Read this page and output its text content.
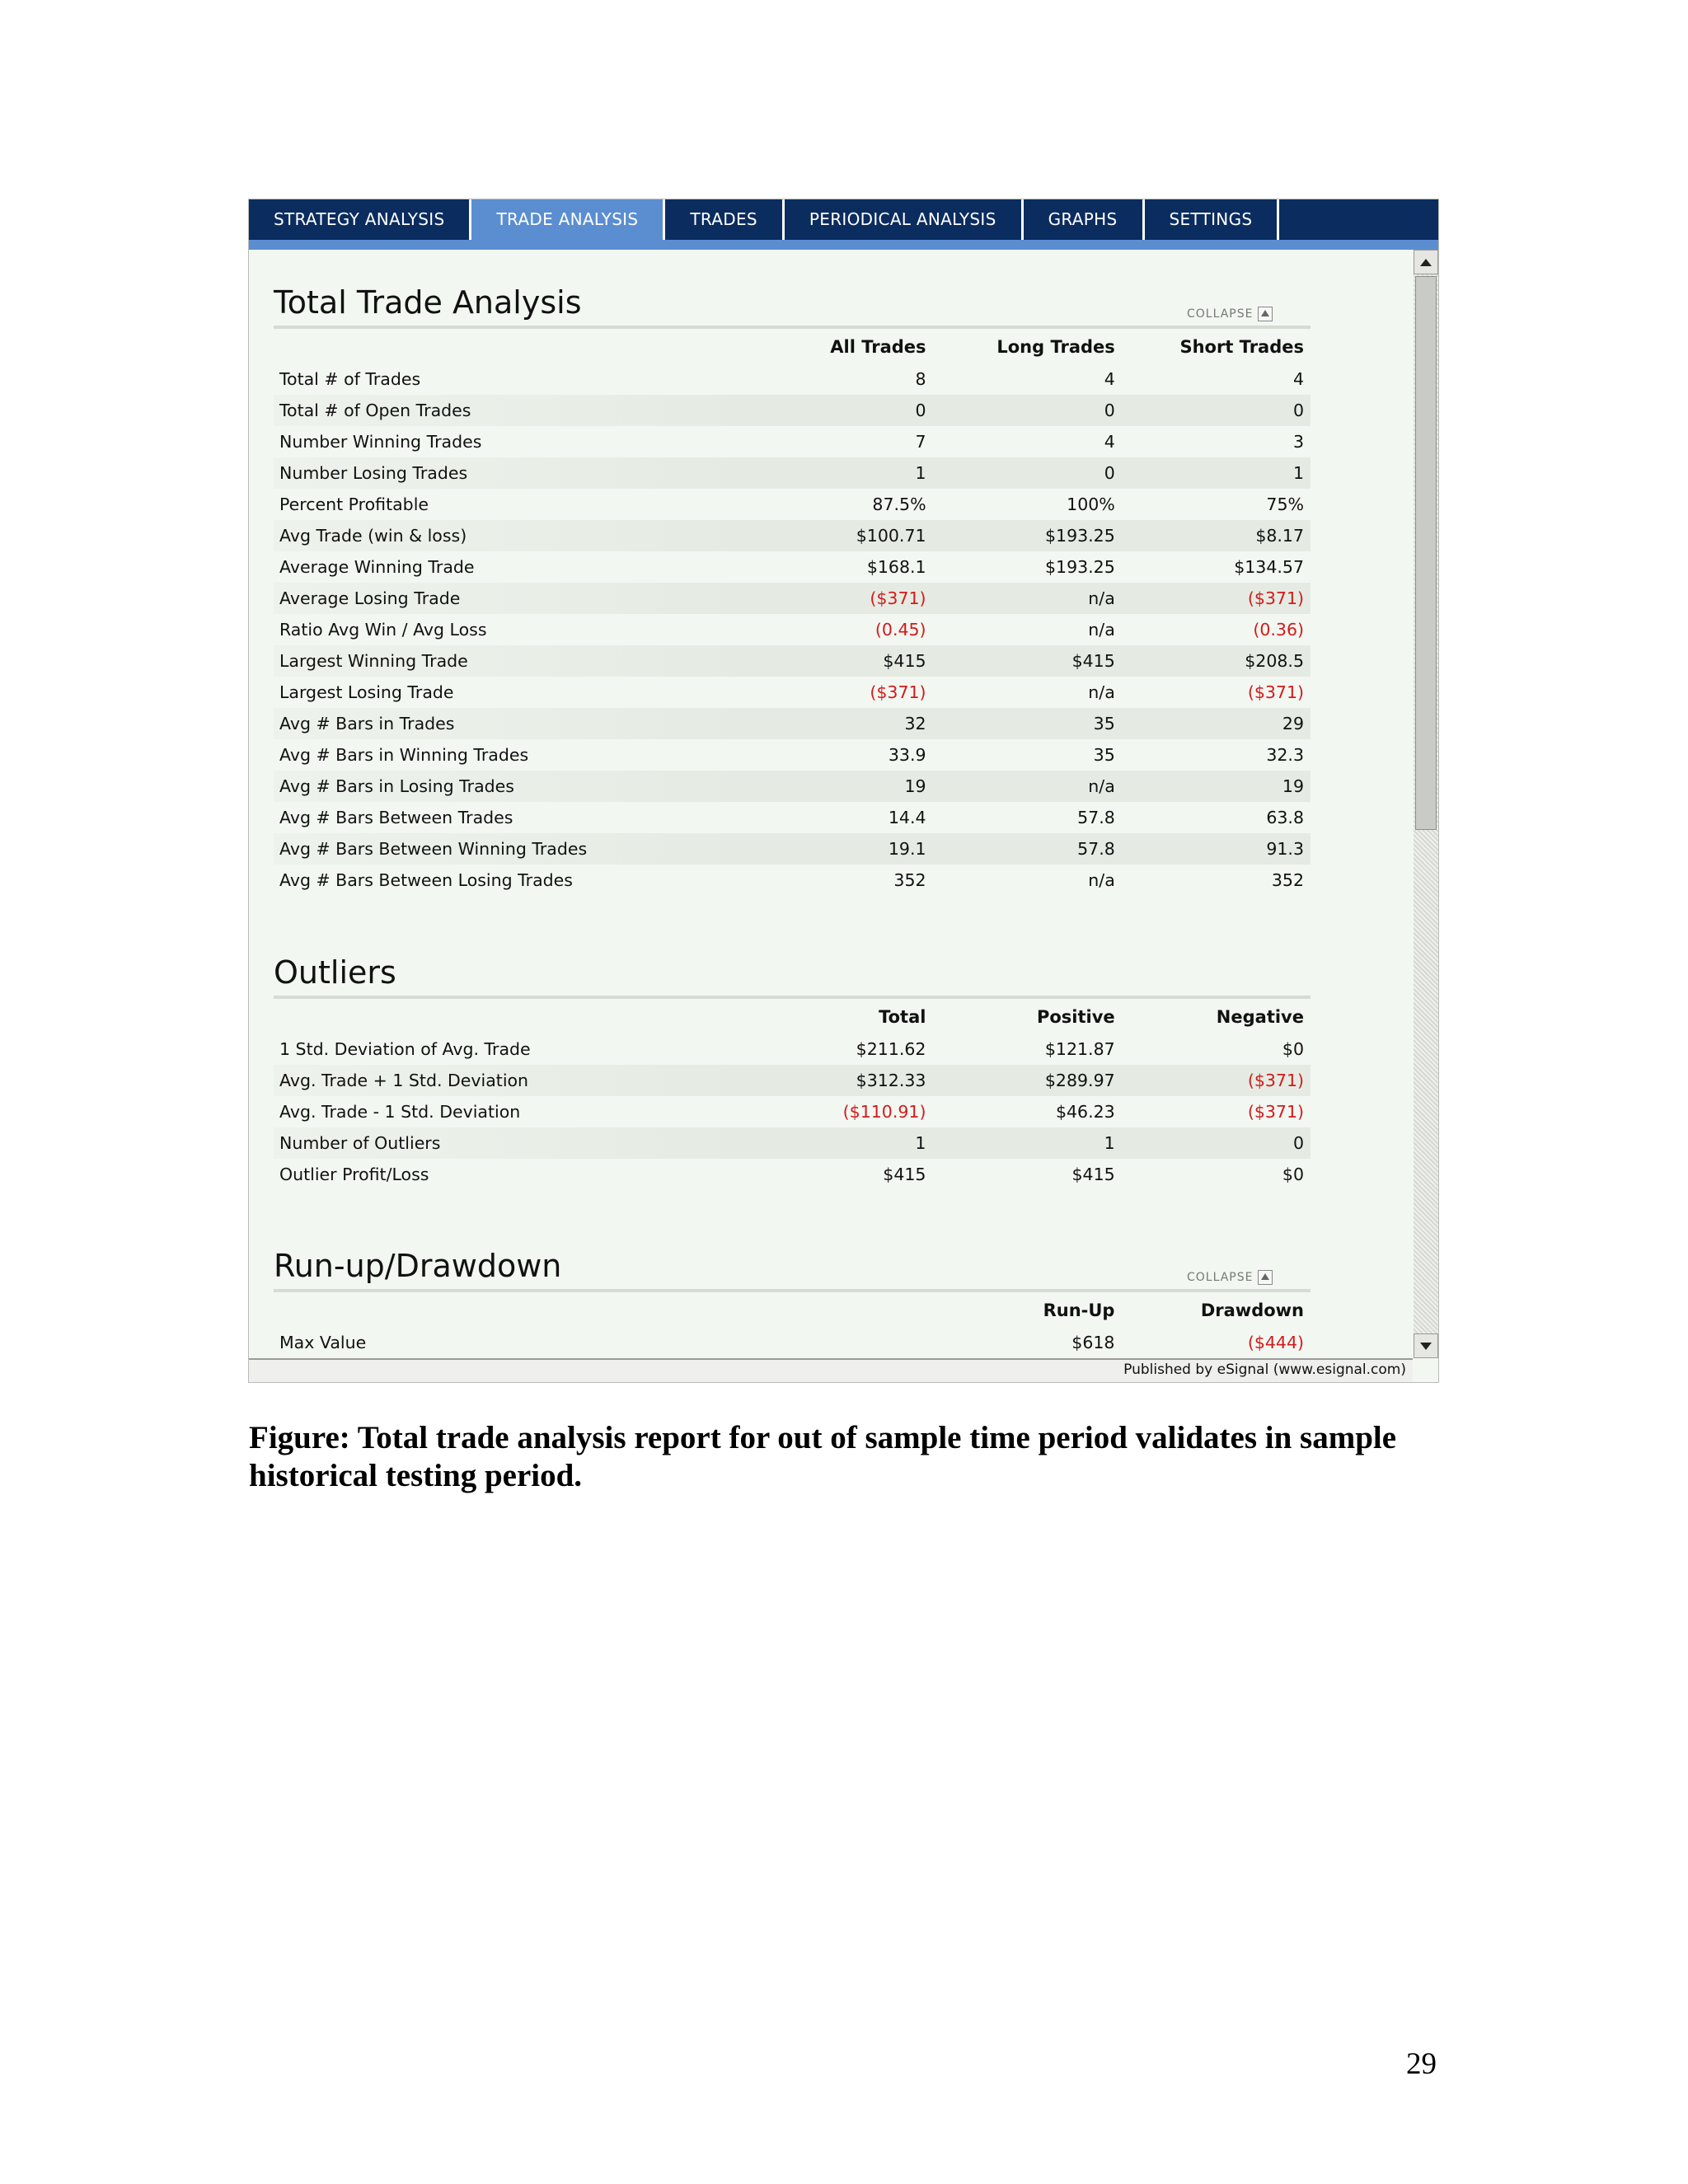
STRATEGY ANALYSIS	TRADE ANALYSIS	TRADES	PERIODICAL ANALYSIS	GRAPHS	SETTINGS
Total Trade Analysis	COLLAPSE
	All Trades	Long Trades	Short Trades
Total # of Trades	8	4	4
Total # of Open Trades	0	0	0
Number Winning Trades	7	4	3
Number Losing Trades	1	0	1
Percent Profitable	87.5%	100%	75%
Avg Trade (win & loss)	$100.71	$193.25	$8.17
Average Winning Trade	$168.1	$193.25	$134.57
Average Losing Trade	($371)	n/a	($371)
Ratio Avg Win / Avg Loss	(0.45)	n/a	(0.36)
Largest Winning Trade	$415	$415	$208.5
Largest Losing Trade	($371)	n/a	($371)
Avg # Bars in Trades	32	35	29
Avg # Bars in Winning Trades	33.9	35	32.3
Avg # Bars in Losing Trades	19	n/a	19
Avg # Bars Between Trades	14.4	57.8	63.8
Avg # Bars Between Winning Trades	19.1	57.8	91.3
Avg # Bars Between Losing Trades	352	n/a	352
Outliers
	Total	Positive	Negative
1 Std. Deviation of Avg. Trade	$211.62	$121.87	$0
Avg. Trade + 1 Std. Deviation	$312.33	$289.97	($371)
Avg. Trade - 1 Std. Deviation	($110.91)	$46.23	($371)
Number of Outliers	1	1	0
Outlier Profit/Loss	$415	$415	$0
Run-up/Drawdown	COLLAPSE
		Run-Up	Drawdown
Max Value		$618	($444)
Published by eSignal (www.esignal.com)
Figure: Total trade analysis report for out of sample time period validates in sample historical testing period.
29
